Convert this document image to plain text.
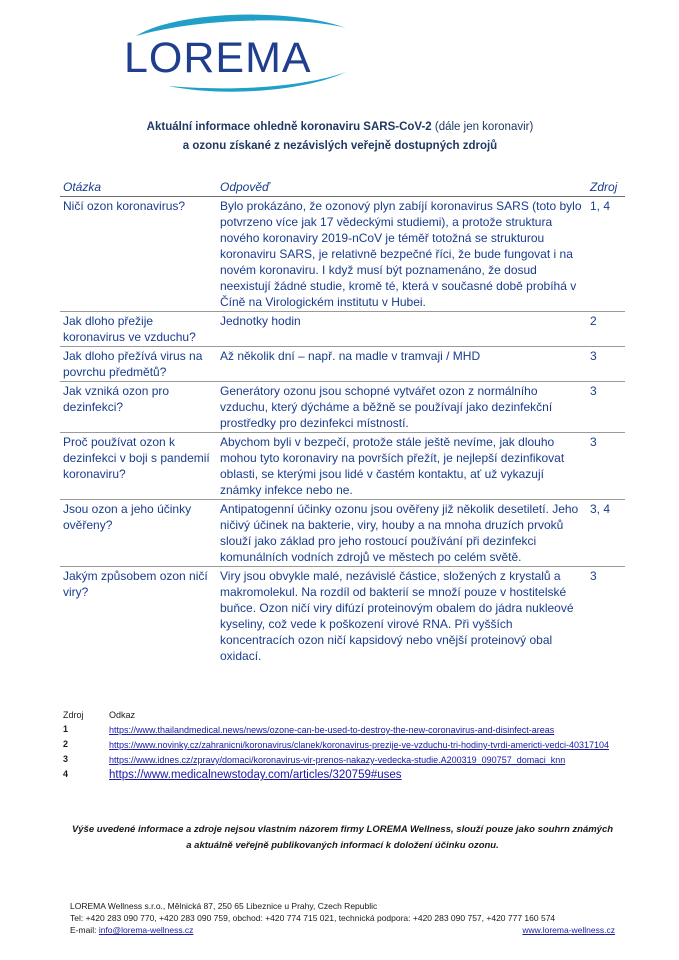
LOREMA
Aktuální informace ohledně koronaviru SARS-CoV-2 (dále jen koronavir)
a ozonu získané z nezávislých veřejně dostupných zdrojů
Otázka	Odpověď	Zdroj
Ničí ozon koronavirus?	Bylo prokázáno, že ozonový plyn zabíjí koronavirus SARS (toto bylo potvrzeno více jak 17 vědeckými studiemi), a protože struktura nového koronaviry 2019-nCoV je téměř totožná se strukturou koronaviru SARS, je relativně bezpečné říci, že bude fungovat i na novém koronaviru. I když musí být poznamenáno, že dosud neexistují žádné studie, kromě té, která v současné době probíhá v Číně na Virologickém institutu v Hubei.	1, 4
Jak dloho přežije koronavirus ve vzduchu?	Jednotky hodin	2
Jak dloho přežívá virus na povrchu předmětů?	Až několik dní – např. na madle v tramvaji / MHD	3
Jak vzniká ozon pro dezinfekci?	Generátory ozonu jsou schopné vytvářet ozon z normálního vzduchu, který dýcháme a běžně se používají jako dezinfekční prostředky pro dezinfekci místností.	3
Proč používat ozon k dezinfekci v boji s pandemií koronaviru?	Abychom byli v bezpečí, protože stále ještě nevíme, jak dlouho mohou tyto koronaviry na površích přežít, je nejlepší dezinfikovat oblasti, se kterými jsou lidé v častém kontaktu, ať už vykazují známky infekce nebo ne.	3
Jsou ozon a jeho účinky ověřeny?	Antipatogenní účinky ozonu jsou ověřeny již několik desetiletí. Jeho ničivý účinek na bakterie, viry, houby a na mnoha druzích prvoků slouží jako základ pro jeho rostoucí používání při dezinfekci komunálních vodních zdrojů ve městech po celém světě.	3, 4
Jakým způsobem ozon ničí viry?	Viry jsou obvykle malé, nezávislé částice, složených z krystalů a makromolekul. Na rozdíl od bakterií se množí pouze v hostitelské buňce. Ozon ničí viry difúzí proteinovým obalem do jádra nukleové kyseliny, což vede k poškození virové RNA. Při vyšších koncentracích ozon ničí kapsidový nebo vnější proteinový obal oxidací.	3
Zdroj	Odkaz
1	https://www.thailandmedical.news/news/ozone-can-be-used-to-destroy-the-new-coronavirus-and-disinfect-areas
2	https://www.novinky.cz/zahranicni/koronavirus/clanek/koronavirus-prezije-ve-vzduchu-tri-hodiny-tvrdi-americti-vedci-40317104
3	https://www.idnes.cz/zpravy/domaci/koronavirus-vir-prenos-nakazy-vedecka-studie.A200319_090757_domaci_knn
4	https://www.medicalnewstoday.com/articles/320759#uses
Výše uvedené informace a zdroje nejsou vlastním názorem firmy LOREMA Wellness, slouží pouze jako souhrn známých
a aktuálně veřejně publikovaných informací k doložení účinku ozonu.
LOREMA Wellness s.r.o., Mělnická 87, 250 65 Libeznice u Prahy, Czech Republic
Tel: +420 283 090 770, +420 283 090 759, obchod: +420 774 715 021, technická podpora: +420 283 090 757, +420 777 160 574
E-mail: info@lorema-wellness.cz	www.lorema-wellness.cz
